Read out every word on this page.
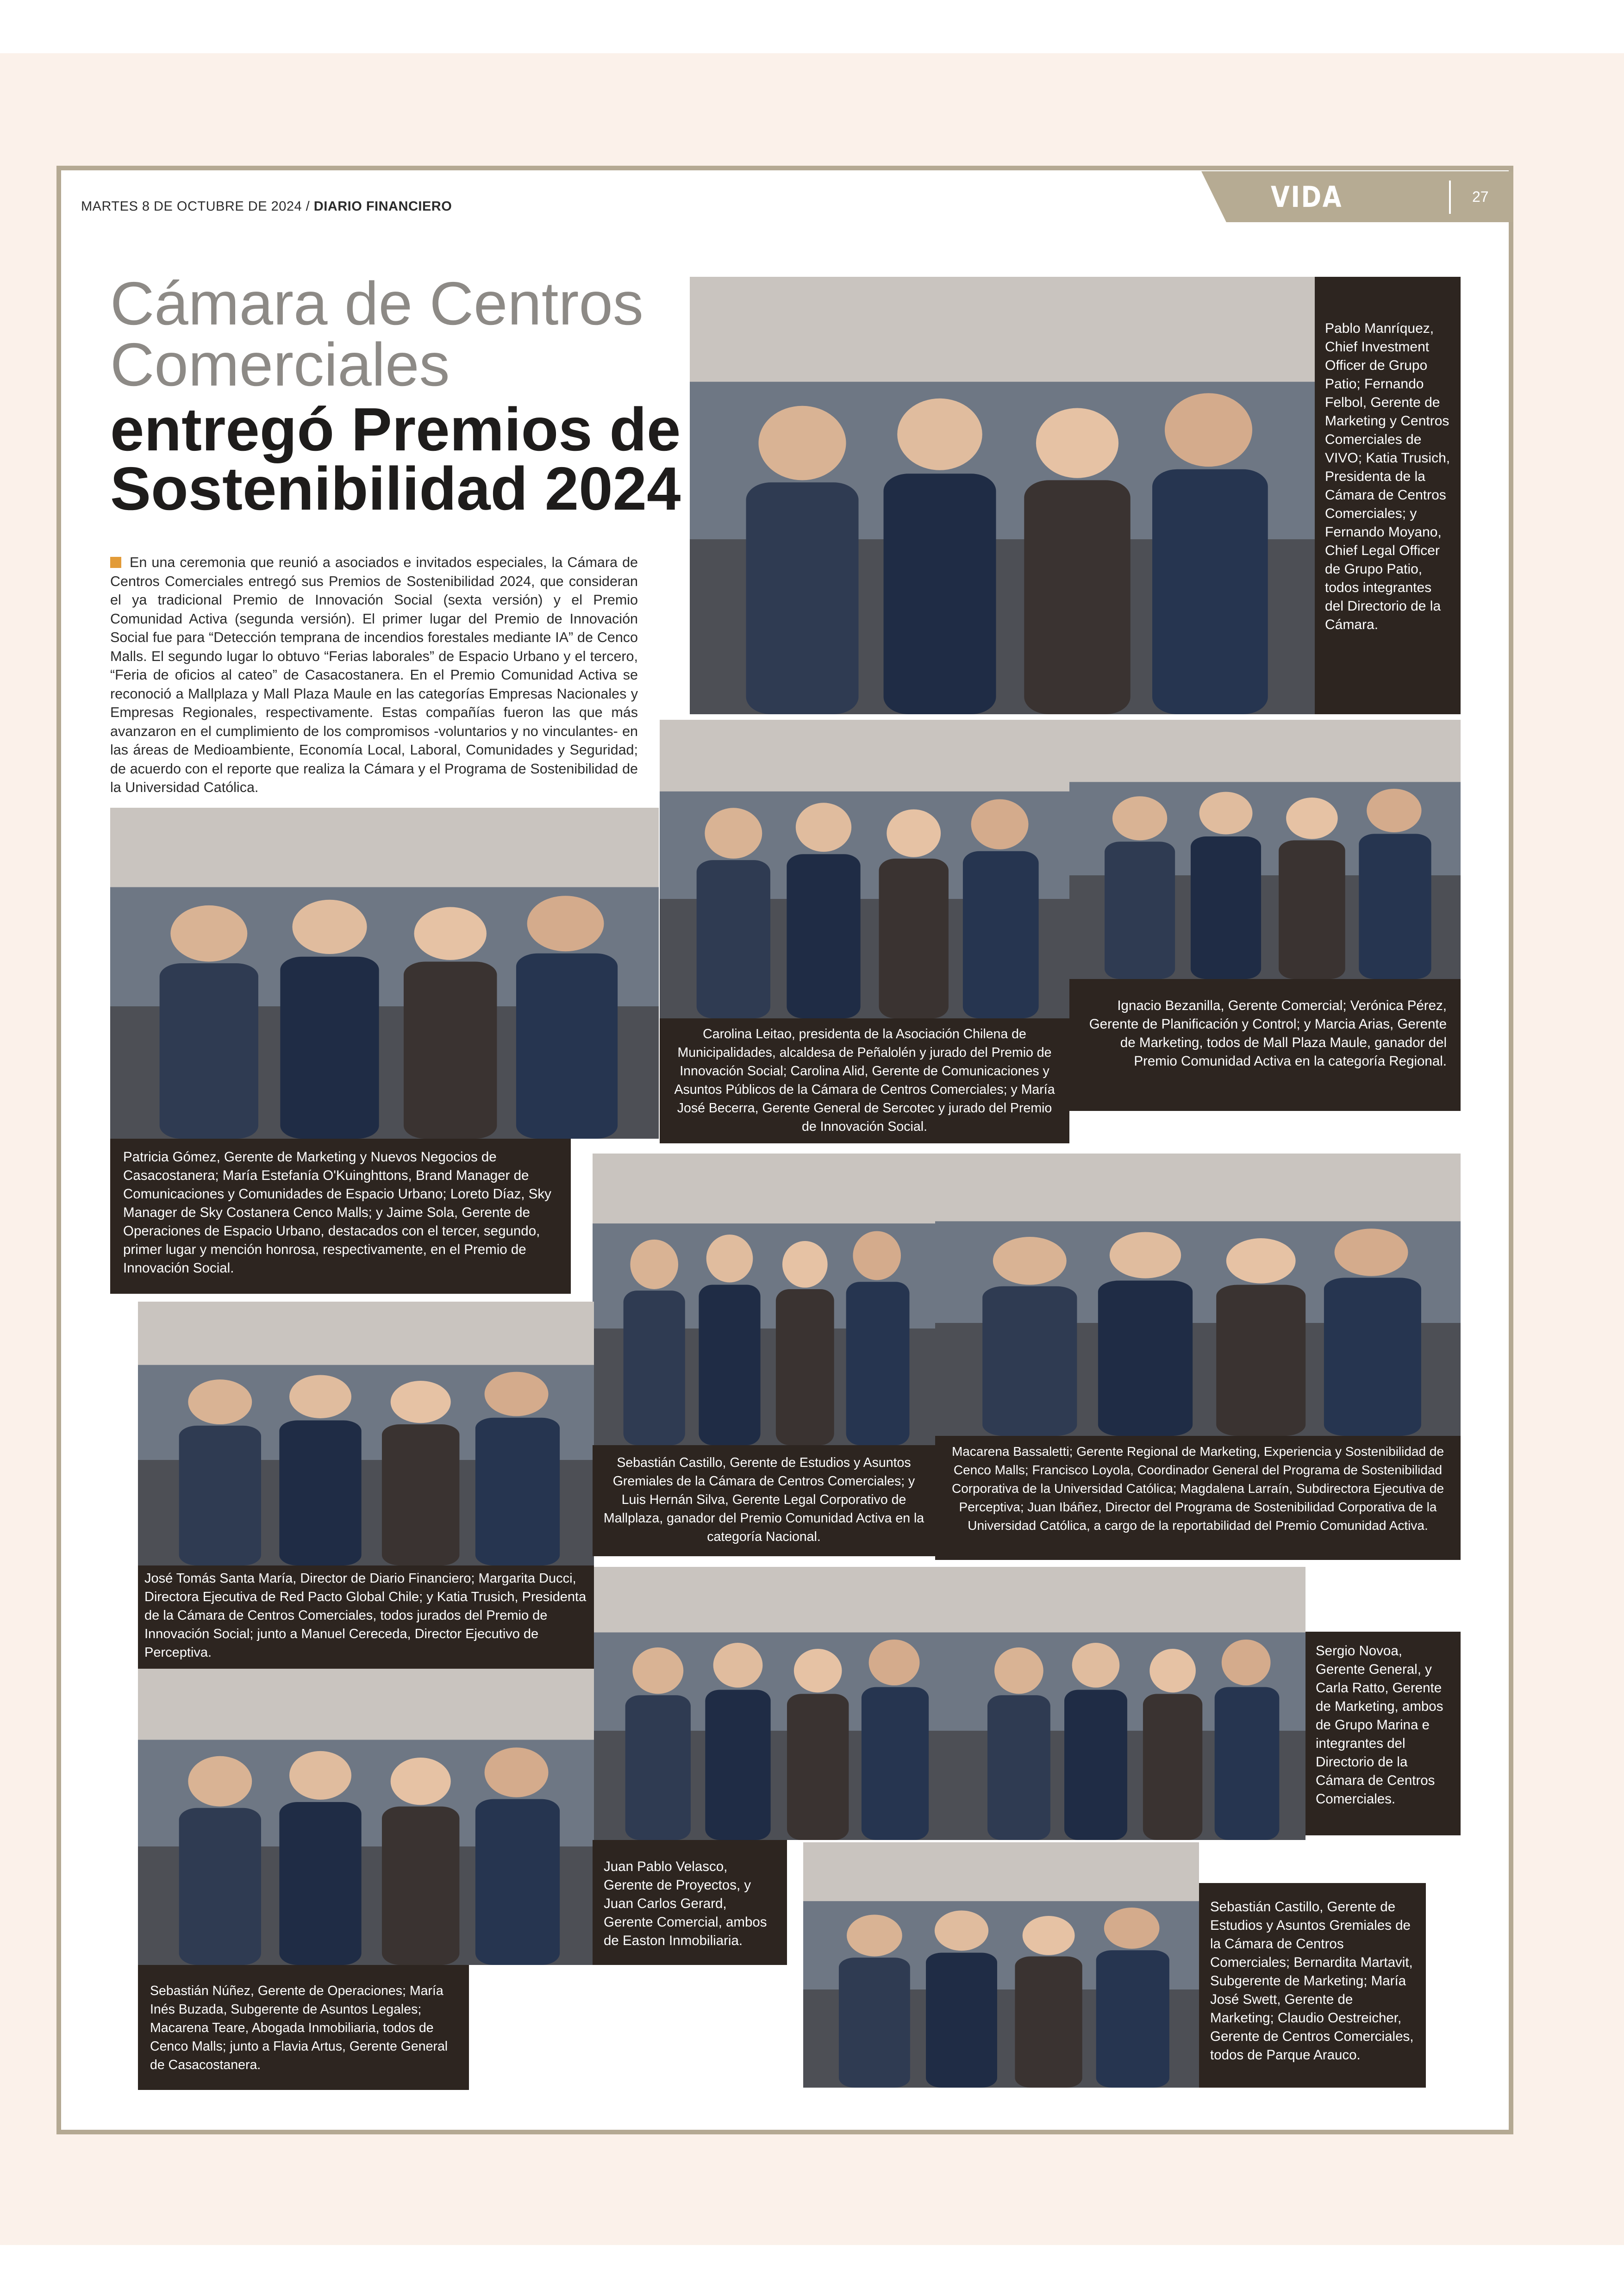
MARTES 8 DE OCTUBRE DE 2024 / DIARIO FINANCIERO	VIDA SOCIAL
27
Cámara de Centros
Comerciales
entregó Premios de
Sostenibilidad 2024
En una ceremonia que reunió a asociados e invitados especiales, la Cámara de Centros Comerciales entregó sus Premios de Sostenibilidad 2024, que consideran el ya tradicional Premio de Innovación Social (sexta versión) y el Premio Comunidad Activa (segunda versión). El primer lugar del Premio de Innovación Social fue para “Detección temprana de incendios forestales mediante IA” de Cenco Malls. El segundo lugar lo obtuvo “Ferias laborales” de Espacio Urbano y el tercero, “Feria de oficios al cateo” de Casacostanera. En el Premio Comunidad Activa se reconoció a Mallplaza y Mall Plaza Maule en las categorías Empresas Nacionales y Empresas Regionales, respectivamente. Estas compañías fueron las que más avanzaron en el cumplimiento de los compromisos -voluntarios y no vinculantes- en las áreas de Medioambiente, Economía Local, Laboral, Comunidades y Seguridad; de acuerdo con el reporte que realiza la Cámara y el Programa de Sostenibilidad de la Universidad Católica.
Pablo Manríquez, Chief Investment Officer de Grupo Patio; Fernando Felbol, Gerente de Marketing y Centros Comerciales de VIVO; Katia Trusich, Presidenta de la Cámara de Centros Comerciales; y Fernando Moyano, Chief Legal Officer de Grupo Patio, todos integrantes del Directorio de la Cámara.
Carolina Leitao, presidenta de la Asociación Chilena de Municipalidades, alcaldesa de Peñalolén y jurado del Premio de Innovación Social; Carolina Alid, Gerente de Comunicaciones y Asuntos Públicos de la Cámara de Centros Comerciales; y María José Becerra, Gerente General de Sercotec y jurado del Premio de Innovación Social.
Ignacio Bezanilla, Gerente Comercial; Verónica Pérez, Gerente de Planificación y Control; y Marcia Arias, Gerente de Marketing, todos de Mall Plaza Maule, ganador del Premio Comunidad Activa en la categoría Regional.
Patricia Gómez, Gerente de Marketing y Nuevos Negocios de Casacostanera; María Estefanía O'Kuinghttons, Brand Manager de Comunicaciones y Comunidades de Espacio Urbano; Loreto Díaz, Sky Manager de Sky Costanera Cenco Malls; y Jaime Sola, Gerente de Operaciones de Espacio Urbano, destacados con el tercer, segundo, primer lugar y mención honrosa, respectivamente, en el Premio de Innovación Social.
Sebastián Castillo, Gerente de Estudios y Asuntos Gremiales de la Cámara de Centros Comerciales; y Luis Hernán Silva, Gerente Legal Corporativo de Mallplaza, ganador del Premio Comunidad Activa en la categoría Nacional.
Macarena Bassaletti; Gerente Regional de Marketing, Experiencia y Sostenibilidad de Cenco Malls; Francisco Loyola, Coordinador General del Programa de Sostenibilidad Corporativa de la Universidad Católica; Magdalena Larraín, Subdirectora Ejecutiva de Perceptiva; Juan Ibáñez, Director del Programa de Sostenibilidad Corporativa de la Universidad Católica, a cargo de la reportabilidad del Premio Comunidad Activa.
José Tomás Santa María, Director de Diario Financiero; Margarita Ducci, Directora Ejecutiva de Red Pacto Global Chile; y Katia Trusich, Presidenta de la Cámara de Centros Comerciales, todos jurados del Premio de Innovación Social; junto a Manuel Cereceda, Director Ejecutivo de Perceptiva.	Sergio Novoa, Gerente General, y Carla Ratto, Gerente de Marketing, ambos de Grupo Marina e integrantes del Directorio de la Cámara de Centros Comerciales.
Juan Pablo Velasco, Gerente de Proyectos, y Juan Carlos Gerard, Gerente Comercial, ambos de Easton Inmobiliaria.
Sebastián Núñez, Gerente de Operaciones; María Inés Buzada, Subgerente de Asuntos Legales; Macarena Teare, Abogada Inmobiliaria, todos de Cenco Malls; junto a Flavia Artus, Gerente General de Casacostanera.
Sebastián Castillo, Gerente de Estudios y Asuntos Gremiales de la Cámara de Centros Comerciales; Bernardita Martavit, Subgerente de Marketing; María José Swett, Gerente de Marketing; Claudio Oestreicher, Gerente de Centros Comerciales, todos de Parque Arauco.
